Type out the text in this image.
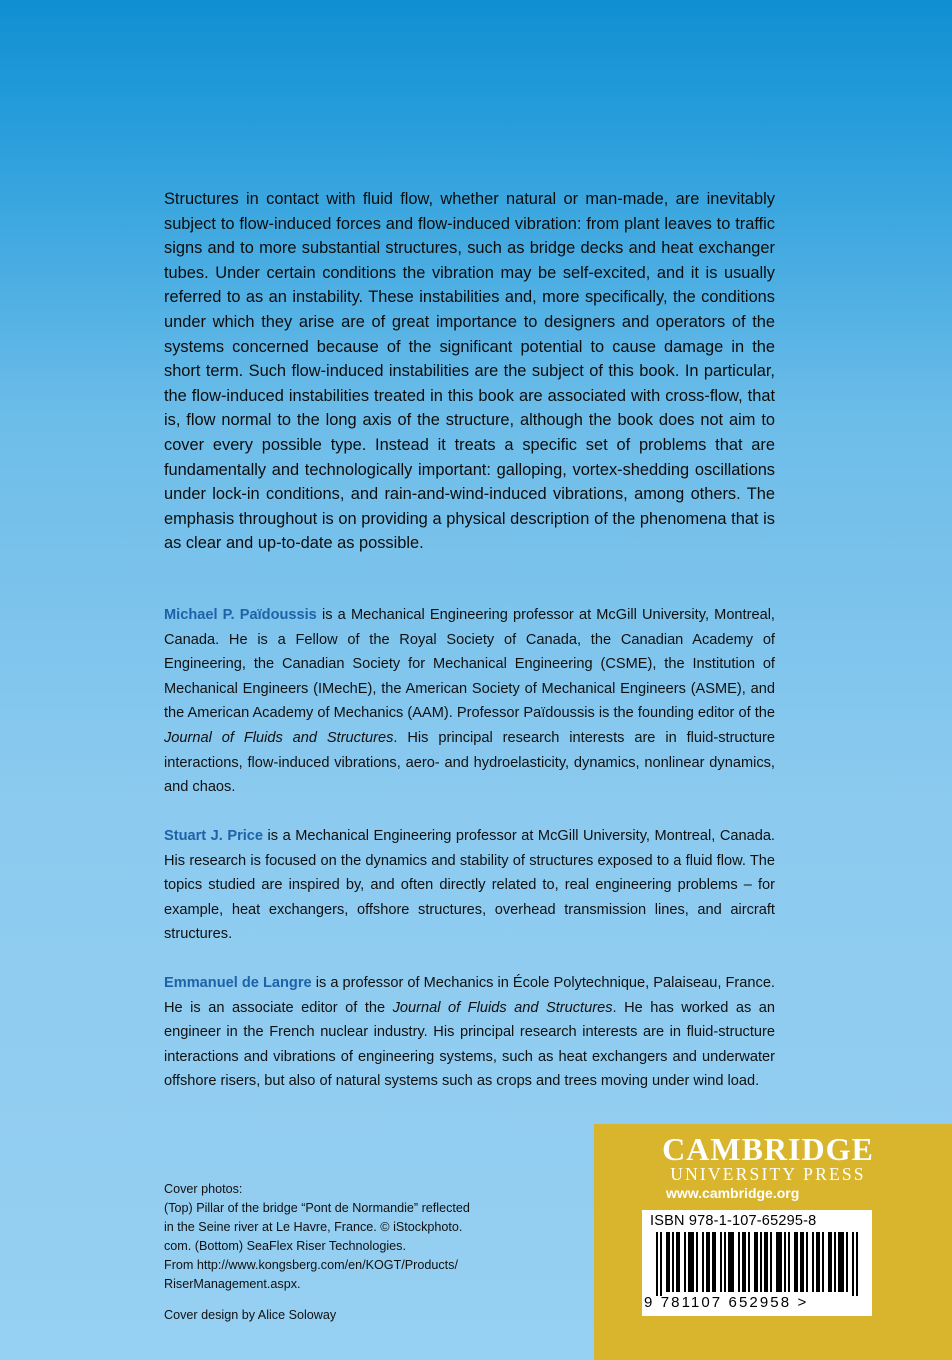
Structures in contact with fluid flow, whether natural or man-made, are inevitably subject to flow-induced forces and flow-induced vibration: from plant leaves to traffic signs and to more substantial structures, such as bridge decks and heat exchanger tubes. Under certain conditions the vibration may be self-excited, and it is usually referred to as an instability. These instabilities and, more specifically, the conditions under which they arise are of great importance to designers and operators of the systems concerned because of the significant potential to cause damage in the short term. Such flow-induced instabilities are the subject of this book. In particular, the flow-induced instabilities treated in this book are associated with cross-flow, that is, flow normal to the long axis of the structure, although the book does not aim to cover every possible type. Instead it treats a specific set of problems that are fundamentally and technologically important: galloping, vortex-shedding oscillations under lock-in conditions, and rain-and-wind-induced vibrations, among others. The emphasis throughout is on providing a physical description of the phenomena that is as clear and up-to-date as possible.

Michael P. Païdoussis is a Mechanical Engineering professor at McGill University, Montreal, Canada. He is a Fellow of the Royal Society of Canada, the Canadian Academy of Engineering, the Canadian Society for Mechanical Engineering (CSME), the Institution of Mechanical Engineers (IMechE), the American Society of Mechanical Engineers (ASME), and the American Academy of Mechanics (AAM). Professor Païdoussis is the founding editor of the Journal of Fluids and Structures. His principal research interests are in fluid-structure interactions, flow-induced vibrations, aero- and hydroelasticity, dynamics, nonlinear dynamics, and chaos.

Stuart J. Price is a Mechanical Engineering professor at McGill University, Montreal, Canada. His research is focused on the dynamics and stability of structures exposed to a fluid flow. The topics studied are inspired by, and often directly related to, real engineering problems – for example, heat exchangers, offshore structures, overhead transmission lines, and aircraft structures.

Emmanuel de Langre is a professor of Mechanics in École Polytechnique, Palaiseau, France. He is an associate editor of the Journal of Fluids and Structures. He has worked as an engineer in the French nuclear industry. His principal research interests are in fluid-structure interactions and vibrations of engineering systems, such as heat exchangers and underwater offshore risers, but also of natural systems such as crops and trees moving under wind load.

Cover photos:

(Top) Pillar of the bridge “Pont de Normandie” reflected

in the Seine river at Le Havre, France. © iStockphoto.

com. (Bottom) SeaFlex Riser Technologies.

From http://www.kongsberg.com/en/KOGT/Products/

RiserManagement.aspx.

Cover design by Alice Soloway

CAMBRIDGE
UNIVERSITY PRESS
www.cambridge.org
ISBN 978-1-107-65295-8
9 781107 652958 >
